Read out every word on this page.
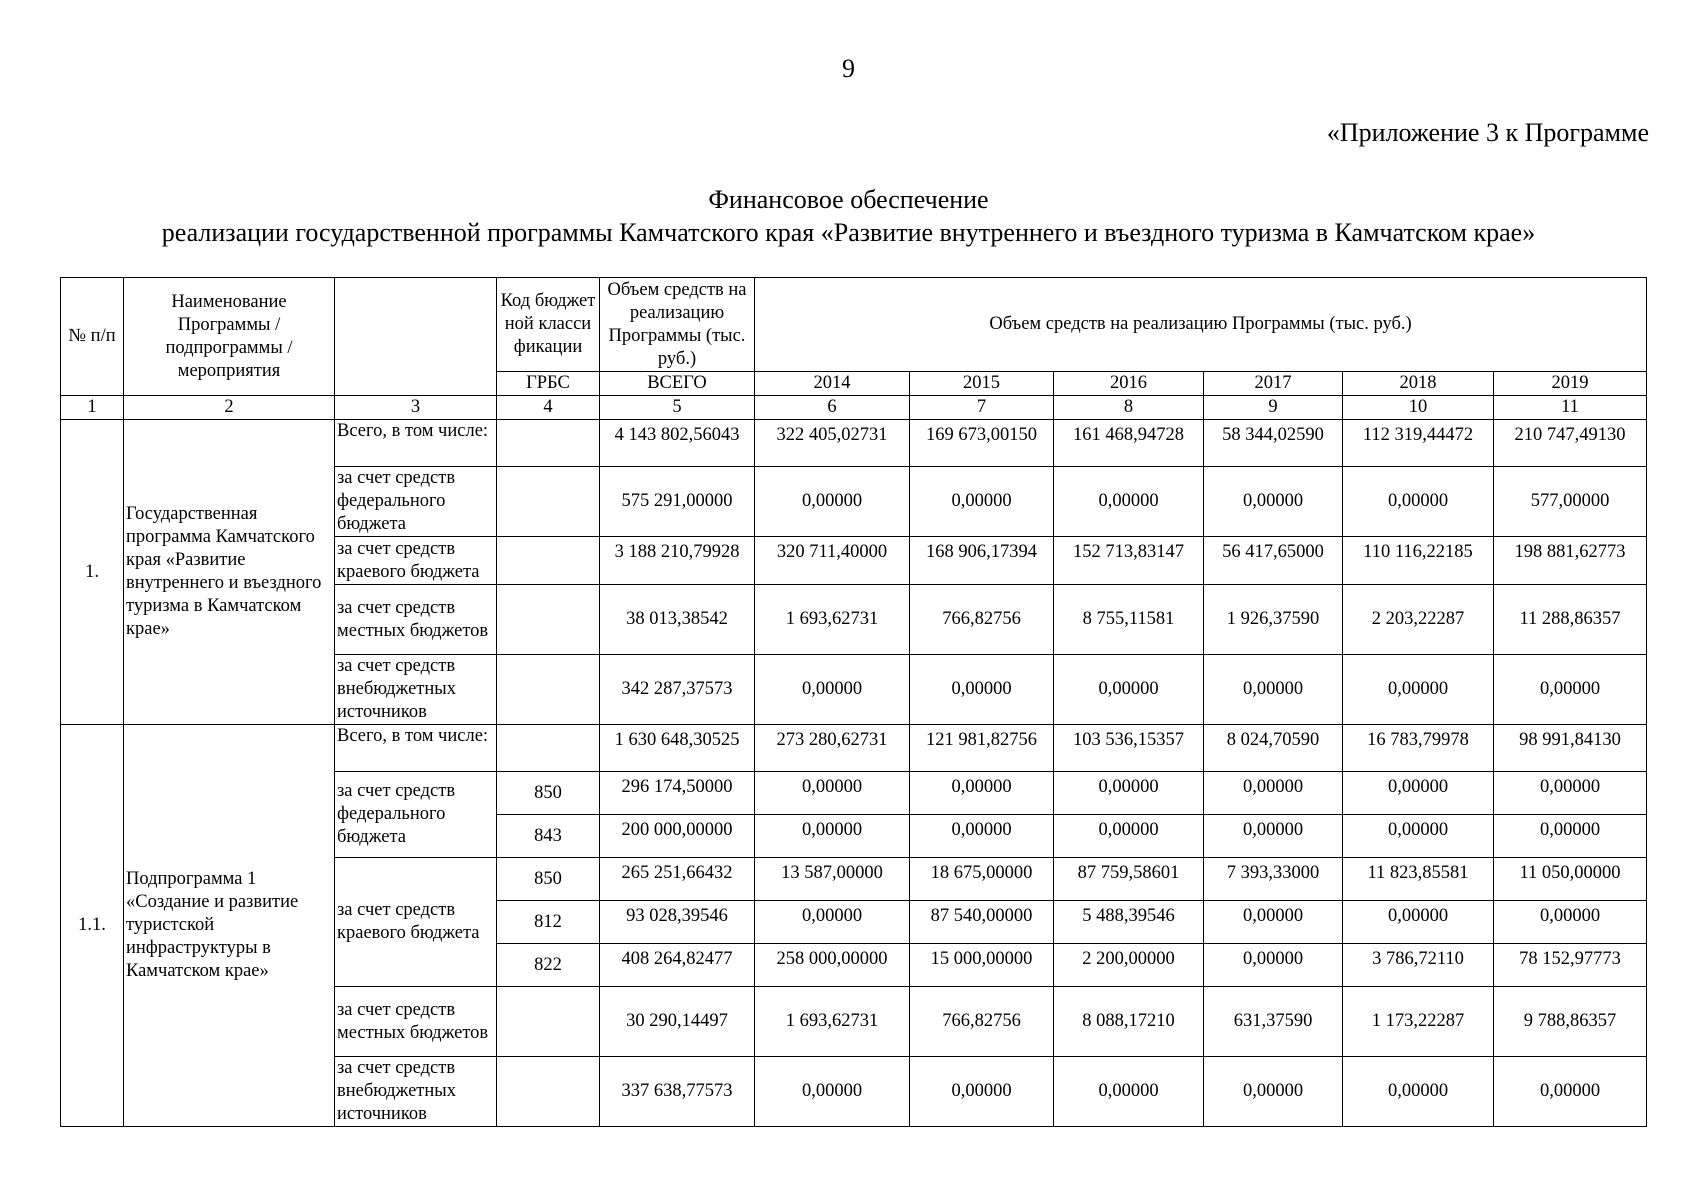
9
«Приложение 3 к Программе
Финансовое обеспечение
реализации государственной программы Камчатского края «Развитие внутреннего и въездного туризма в Камчатском крае»
№ п/п	Наименование Программы / подпрограммы / мероприятия		Код бюджетной классификации	Объем средств на реализацию Программы (тыс. руб.)	Объем средств на реализацию Программы (тыс. руб.)					
			ГРБС	ВСЕГО	2014	2015	2016	2017	2018	2019
1	2	3	4	5	6	7	8	9	10	11
1.	Государственная программа Камчатского края «Развитие внутреннего и въездного туризма в Камчатском крае»	Всего, в том числе:		4 143 802,56043	322 405,02731	169 673,00150	161 468,94728	58 344,02590	112 319,44472	210 747,49130
		за счет средств федерального бюджета		575 291,00000	0,00000	0,00000	0,00000	0,00000	0,00000	577,00000
		за счет средств краевого бюджета		3 188 210,79928	320 711,40000	168 906,17394	152 713,83147	56 417,65000	110 116,22185	198 881,62773
		за счет средств местных бюджетов		38 013,38542	1 693,62731	766,82756	8 755,11581	1 926,37590	2 203,22287	11 288,86357
		за счет средств внебюджетных источников		342 287,37573	0,00000	0,00000	0,00000	0,00000	0,00000	0,00000
1.1.	Подпрограмма 1 «Создание и развитие туристской инфраструктуры в Камчатском крае»	Всего, в том числе:		1 630 648,30525	273 280,62731	121 981,82756	103 536,15357	8 024,70590	16 783,79978	98 991,84130
		за счет средств федерального бюджета	850	296 174,50000	0,00000	0,00000	0,00000	0,00000	0,00000	0,00000
			843	200 000,00000	0,00000	0,00000	0,00000	0,00000	0,00000	0,00000
		за счет средств краевого бюджета	850	265 251,66432	13 587,00000	18 675,00000	87 759,58601	7 393,33000	11 823,85581	11 050,00000
			812	93 028,39546	0,00000	87 540,00000	5 488,39546	0,00000	0,00000	0,00000
			822	408 264,82477	258 000,00000	15 000,00000	2 200,00000	0,00000	3 786,72110	78 152,97773
		за счет средств местных бюджетов		30 290,14497	1 693,62731	766,82756	8 088,17210	631,37590	1 173,22287	9 788,86357
		за счет средств внебюджетных источников		337 638,77573	0,00000	0,00000	0,00000	0,00000	0,00000	0,00000
